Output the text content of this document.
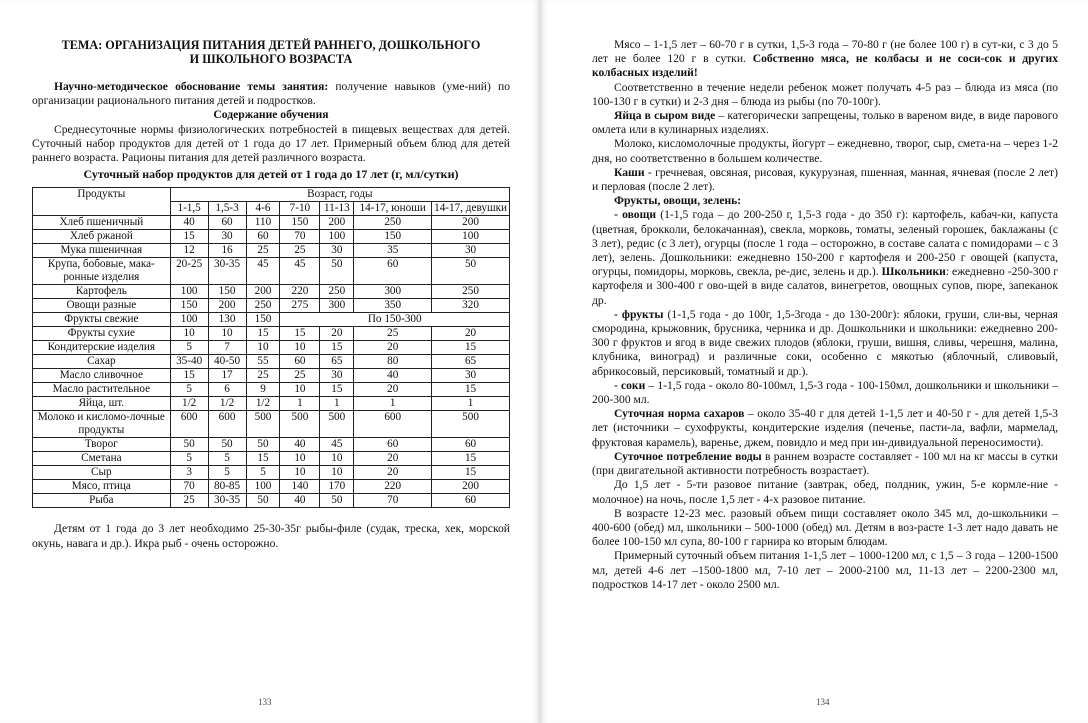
ТЕМА: ОРГАНИЗАЦИЯ ПИТАНИЯ ДЕТЕЙ РАННЕГО, ДОШКОЛЬНОГО
И ШКОЛЬНОГО ВОЗРАСТА

Научно-методическое обоснование темы занятия: получение навыков (уме-ний) по организации рационального питания детей и подростков.

Содержание обучения

Среднесуточные нормы физиологических потребностей в пищевых веществах для детей. Суточный набор продуктов для детей от 1 года до 17 лет. Примерный объем блюд для детей раннего возраста. Рационы питания для детей различного возраста.

Суточный набор продуктов для детей от 1 года до 17 лет (г, мл/сутки)

Продукты	Возраст, годы						
	1-1,5	1,5-3	4-6	7-10	11-13	14-17, юноши	14-17, девушки
Хлеб пшеничный	40	60	110	150	200	250	200
Хлеб ржаной	15	30	60	70	100	150	100
Мука пшеничная	12	16	25	25	30	35	30
Крупа, бобовые, мака-ронные изделия	20-25	30-35	45	45	50	60	50
Картофель	100	150	200	220	250	300	250
Овощи разные	150	200	250	275	300	350	320
Фрукты свежие	100	130	150	По 150-300			
Фрукты сухие	10	10	15	15	20	25	20
Кондитерские изделия	5	7	10	10	15	20	15
Сахар	35-40	40-50	55	60	65	80	65
Масло сливочное	15	17	25	25	30	40	30
Масло растительное	5	6	9	10	15	20	15
Яйца, шт.	1/2	1/2	1/2	1	1	1	1
Молоко и кисломо-лочные продукты	600	600	500	500	500	600	500
Творог	50	50	50	40	45	60	60
Сметана	5	5	15	10	10	20	15
Сыр	3	5	5	10	10	20	15
Мясо, птица	70	80-85	100	140	170	220	200
Рыба	25	30-35	50	40	50	70	60

Детям от 1 года до 3 лет необходимо 25-30-35г рыбы-филе (судак, треска, хек, морской окунь, навага и др.). Икра рыб - очень осторожно.

133

Мясо – 1-1,5 лет – 60-70 г в сутки, 1,5-3 года – 70-80 г (не более 100 г) в сут-ки, с 3 до 5 лет не более 120 г в сутки. Собственно мяса, не колбасы и не соси-сок и других колбасных изделий!

Соответственно в течение недели ребенок может получать 4-5 раз – блюда из мяса (по 100-130 г в сутки) и 2-3 дня – блюда из рыбы (по 70-100г).

Яйца в сыром виде – категорически запрещены, только в вареном виде, в виде парового омлета или в кулинарных изделиях.

Молоко, кисломолочные продукты, йогурт – ежедневно, творог, сыр, смета-на – через 1-2 дня, но соответственно в большем количестве.

Каши - гречневая, овсяная, рисовая, кукурузная, пшенная, манная, ячневая (после 2 лет) и перловая (после 2 лет).

Фрукты, овощи, зелень:

- овощи (1-1,5 года – до 200-250 г, 1,5-3 года - до 350 г): картофель, кабач-ки, капуста (цветная, брокколи, белокачанная), свекла, морковь, томаты, зеленый горошек, баклажаны (с 3 лет), редис (с 3 лет), огурцы (после 1 года – осторожно, в составе салата с помидорами – с 3 лет), зелень. Дошкольники: ежедневно 150-200 г картофеля и 200-250 г овощей (капуста, огурцы, помидоры, морковь, свекла, ре-дис, зелень и др.). Школьники: ежедневно -250-300 г картофеля и 300-400 г ово-щей в виде салатов, винегретов, овощных супов, пюре, запеканок др.

- фрукты (1-1,5 года - до 100г, 1,5-3года - до 130-200г): яблоки, груши, сли-вы, черная смородина, крыжовник, брусника, черника и др. Дошкольники и школьники: ежедневно 200-300 г фруктов и ягод в виде свежих плодов (яблоки, груши, вишня, сливы, черешня, малина, клубника, виноград) и различные соки, особенно с мякотью (яблочный, сливовый, абрикосовый, персиковый, томатный и др.).

- соки – 1-1,5 года - около 80-100мл, 1,5-3 года - 100-150мл, дошкольники и школьники – 200-300 мл.

Суточная норма сахаров – около 35-40 г для детей 1-1,5 лет и 40-50 г - для детей 1,5-3 лет (источники – сухофрукты, кондитерские изделия (печенье, пасти-ла, вафли, мармелад, фруктовая карамель), варенье, джем, повидло и мед при ин-дивидуальной переносимости).

Суточное потребление воды в раннем возрасте составляет - 100 мл на кг массы в сутки (при двигательной активности потребность возрастает).

До 1,5 лет - 5-ти разовое питание (завтрак, обед, полдник, ужин, 5-е кормле-ние - молочное) на ночь, после 1,5 лет - 4-х разовое питание.

В возрасте 12-23 мес. разовый объем пищи составляет около 345 мл, до-школьники – 400-600 (обед) мл, школьники – 500-1000 (обед) мл. Детям в воз-расте 1-3 лет надо давать не более 100-150 мл супа, 80-100 г гарнира ко вторым блюдам.

Примерный суточный объем питания 1-1,5 лет – 1000-1200 мл, с 1,5 – 3 года – 1200-1500 мл, детей 4-6 лет –1500-1800 мл, 7-10 лет – 2000-2100 мл, 11-13 лет – 2200-2300 мл, подростков 14-17 лет - около 2500 мл.

134
